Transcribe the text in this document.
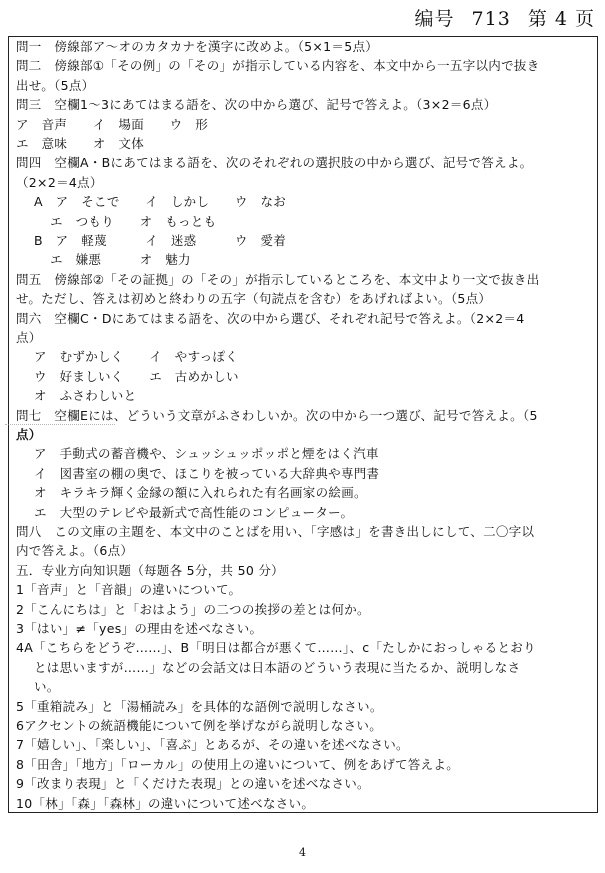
编号 713 第 4 页
問一　傍線部ア～オのカタカナを漢字に改めよ。（5×1＝5点）
問二　傍線部①「その例」の「その」が指示している内容を、本文中から一五字以内で抜き
出せ。（5点）
問三　空欄1～3にあてはまる語を、次の中から選び、記号で答えよ。（3×2＝6点）
ア　音声　　イ　場面　　ウ　形
エ　意味　　オ　文体
問四　空欄A・Bにあてはまる語を、次のそれぞれの選択肢の中から選び、記号で答えよ。
（2×2＝4点）
A　ア　そこで　　イ　しかし　　ウ　なお
エ　つもり　　オ　もっとも
B　ア　軽蔑　　　イ　迷惑　　　ウ　愛着
エ　嫌悪　　　オ　魅力
問五　傍線部②「その証拠」の「その」が指示しているところを、本文中より一文で抜き出
せ。ただし、答えは初めと終わりの五字（句読点を含む）をあげればよい。（5点）
問六　空欄C・Dにあてはまる語を、次の中から選び、それぞれ記号で答えよ。（2×2＝4
点）
ア　むずかしく　　イ　やすっぽく
ウ　好ましいく　　エ　古めかしい
オ　ふさわしいと
問七　空欄Eには、どういう文章がふさわしいか。次の中から一つ選び、記号で答えよ。（5
点）
ア　手動式の蓄音機や、シュッシュッポッポと煙をはく汽車
イ　図書室の棚の奥で、ほこりを被っている大辞典や専門書
オ　キラキラ輝く金縁の額に入れられた有名画家の絵画。
エ　大型のテレビや最新式で高性能のコンピューター。
問八　この文庫の主題を、本文中のことばを用い、「字感は」を書き出しにして、二〇字以
内で答えよ。（6点）
五．专业方向知识题（每题各 5分，共 50 分）
1「音声」と「音韻」の違いについて。
2「こんにちは」と「おはよう」の二つの挨拶の差とは何か。
3「はい」≠「yes」の理由を述べなさい。
4A「こちらをどうぞ……」、B「明日は都合が悪くて……」、c「たしかにおっしゃるとおり
とは思いますが……」などの会話文は日本語のどういう表現に当たるか、説明しなさ
い。
5「重箱読み」と「湯桶読み」を具体的な語例で説明しなさい。
6アクセントの統語機能について例を挙げながら説明しなさい。
7「嬉しい」、「楽しい」、「喜ぶ」とあるが、その違いを述べなさい。
8「田舎」「地方」「ローカル」の使用上の違いについて、例をあげて答えよ。
9「改まり表現」と「くだけた表現」との違いを述べなさい。
10「林」「森」「森林」の違いについて述べなさい。
4
